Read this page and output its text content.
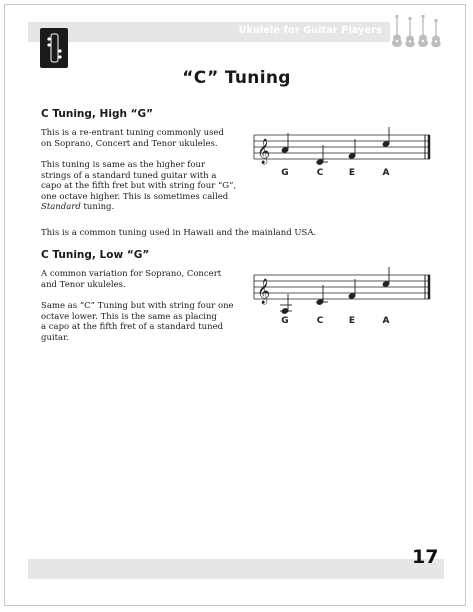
Ukulele for Guitar Players
“C” Tuning
C Tuning, High “G”

This is a re-entrant tuning commonly used
on Soprano, Concert and Tenor ukuleles.

This tuning is same as the higher four
strings of a standard tuned guitar with a
capo at the fifth fret but with string four “G”,
one octave higher. This is sometimes called
Standard tuning.

This is a common tuning used in Hawaii and the mainland USA.

𝄞
G	C	E	A
C Tuning, Low “G”

A common variation for Soprano, Concert
and Tenor ukuleles.

Same as “C” Tuning but with string four one
octave lower. This is the same as placing
a capo at the fifth fret of a standard tuned
guitar.

𝄞
G	C	E	A
17
